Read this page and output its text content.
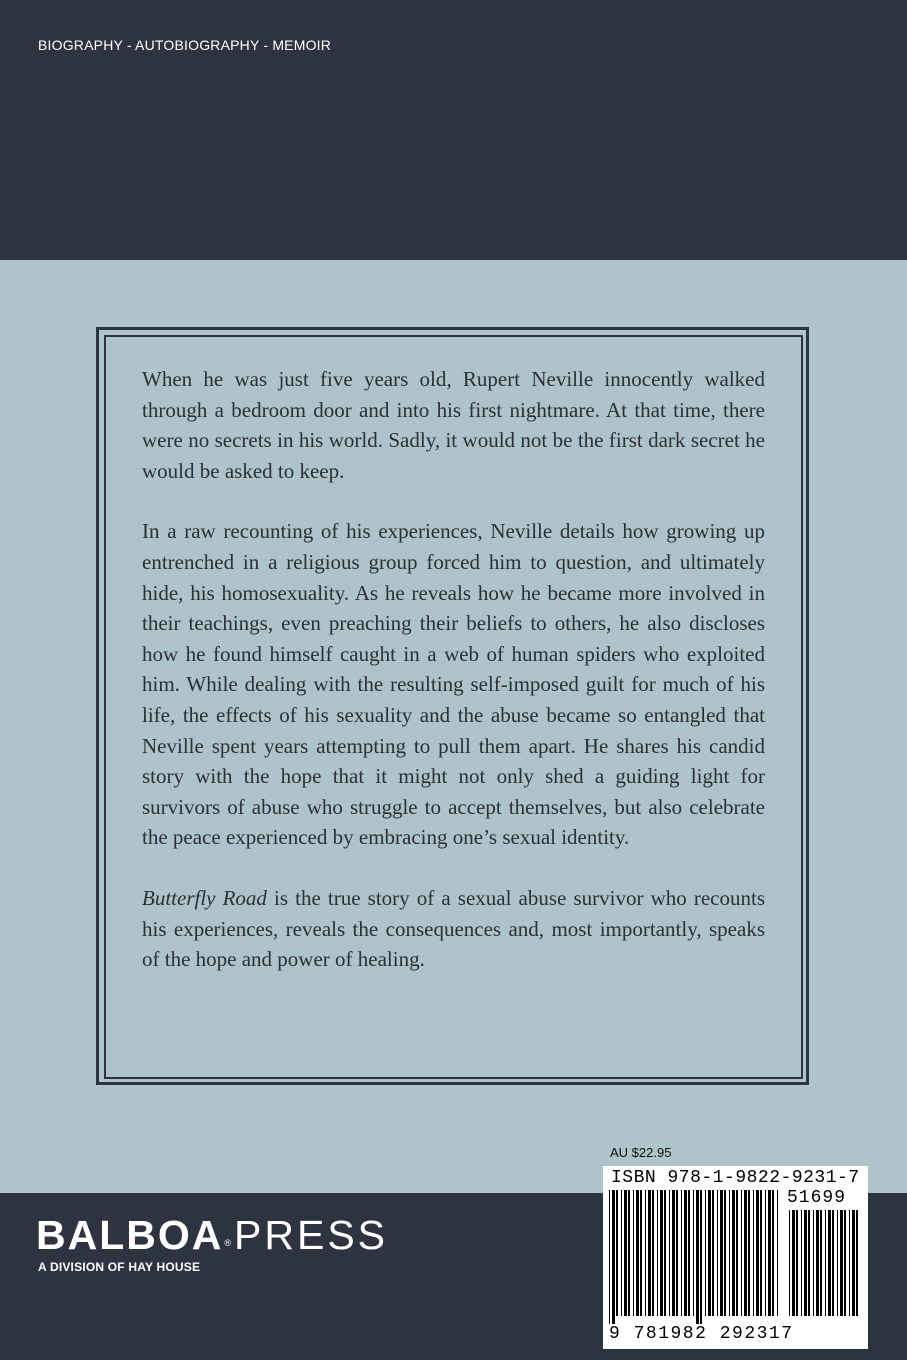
BIOGRAPHY - AUTOBIOGRAPHY - MEMOIR

When he was just five years old, Rupert Neville innocently walked through a bedroom door and into his first nightmare. At that time, there were no secrets in his world. Sadly, it would not be the first dark secret he would be asked to keep.

In a raw recounting of his experiences, Neville details how growing up entrenched in a religious group forced him to question, and ultimately hide, his homosexuality. As he reveals how he became more involved in their teachings, even preaching their beliefs to others, he also discloses how he found himself caught in a web of human spiders who exploited him. While dealing with the resulting self-imposed guilt for much of his life, the effects of his sexuality and the abuse became so entangled that Neville spent years attempting to pull them apart. He shares his candid story with the hope that it might not only shed a guiding light for survivors of abuse who struggle to accept themselves, but also celebrate the peace experienced by embracing one’s sexual identity.

Butterfly Road is the true story of a sexual abuse survivor who recounts his experiences, reveals the consequences and, most importantly, speaks of the hope and power of healing.

BALBOA®PRESS
A DIVISION OF HAY HOUSE
AU $22.95
ISBN 978-1-9822-9231-7
51699
9 781982 292317
